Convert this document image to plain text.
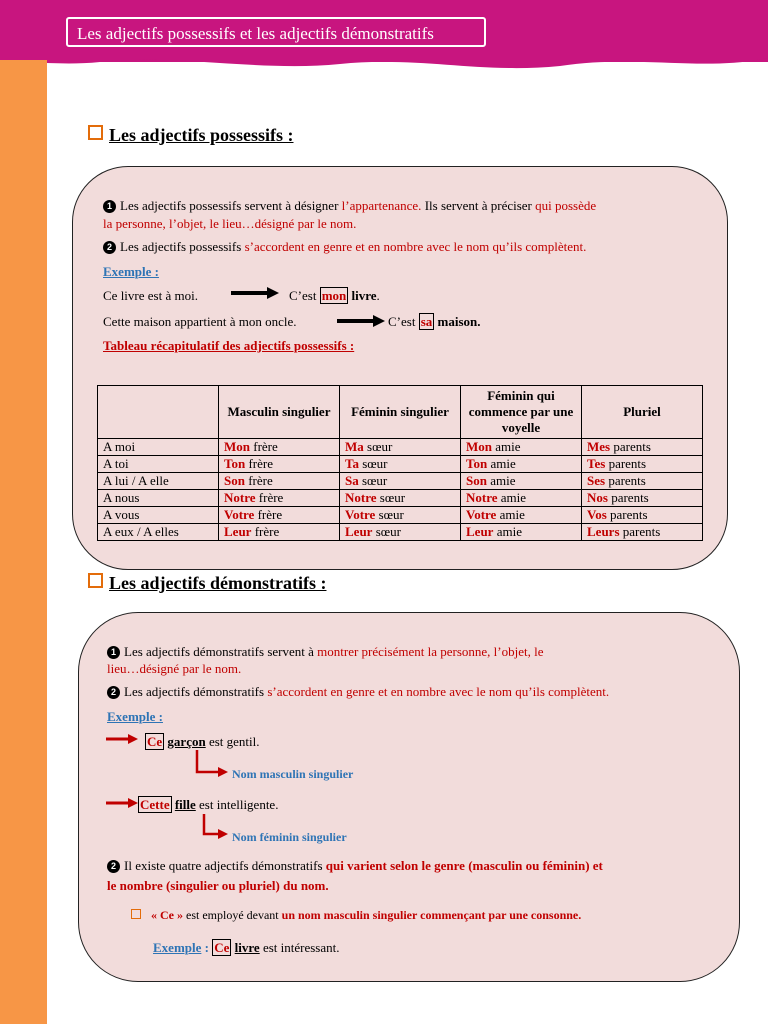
Les adjectifs possessifs et les adjectifs démonstratifs
Les adjectifs possessifs :
1 Les adjectifs possessifs servent à désigner l’appartenance. Ils servent à préciser qui possède
la personne, l’objet, le lieu…désigné par le nom.
2 Les adjectifs possessifs s’accordent en genre et en nombre avec le nom qu’ils complètent.
Exemple :
Ce livre est à moi.	C’est mon livre.
Cette maison appartient à mon oncle.	C’est sa maison.
Tableau récapitulatif des adjectifs possessifs :
	Masculin singulier	Féminin singulier	Féminin qui commence par une voyelle	Pluriel
A moi	Mon frère	Ma sœur	Mon amie	Mes parents
A toi	Ton frère	Ta sœur	Ton amie	Tes parents
A lui / A elle	Son frère	Sa sœur	Son amie	Ses parents
A nous	Notre frère	Notre sœur	Notre amie	Nos parents
A vous	Votre frère	Votre sœur	Votre amie	Vos parents
A eux / A elles	Leur frère	Leur sœur	Leur amie	Leurs parents
Les adjectifs démonstratifs :
1 Les adjectifs démonstratifs servent à montrer précisément la personne, l’objet, le
lieu…désigné par le nom.
2 Les adjectifs démonstratifs s’accordent en genre et en nombre avec le nom qu’ils complètent.
Exemple :
Ce garçon est gentil.
Nom masculin singulier
Cette fille est intelligente.
Nom féminin singulier
2 Il existe quatre adjectifs démonstratifs qui varient selon le genre (masculin ou féminin) et
le nombre (singulier ou pluriel) du nom.
« Ce » est employé devant un nom masculin singulier commençant par une consonne.
Exemple : Ce livre est intéressant.
